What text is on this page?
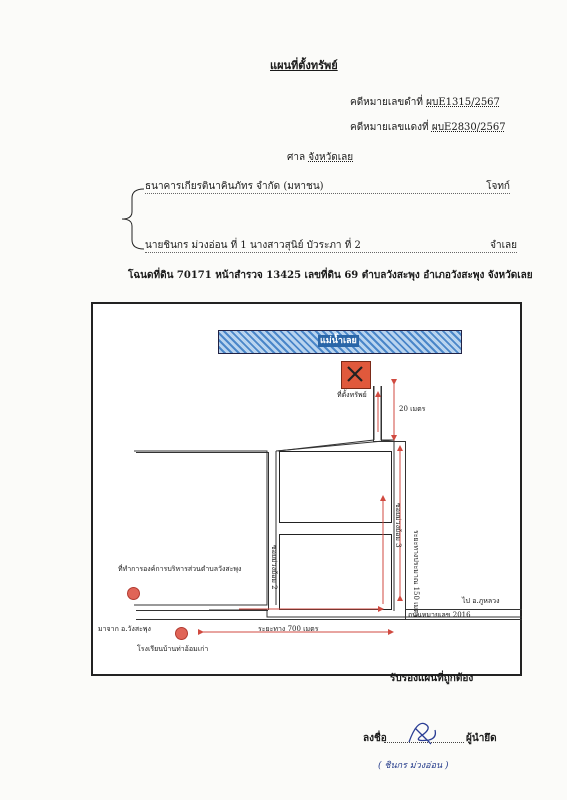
แผนที่ตั้งทรัพย์
คดีหมายเลขดำที่ ผบE1315/2567
คดีหมายเลขแดงที่ ผบE2830/2567
ศาล จังหวัดเลย
ธนาคารเกียรตินาคินภัทร จำกัด (มหาชน)	โจทก์
นายชินกร ม่วงอ่อน ที่ 1 นางสาวสุนิย์ บัวระภา ที่ 2	จำเลย
โฉนดที่ดิน 70171 หน้าสำรวจ 13425 เลขที่ดิน 69 ตำบลวังสะพุง อำเภอวังสะพุง จังหวัดเลย
แม่น้ำเลย
ที่ตั้งทรัพย์
20 เมตร
ระยะทางประมาณ 150 เมตร
ซอยม่วงย้อม 3
ซอยม่วงย้อม 2
ที่ทำการองค์การบริหารส่วนตำบลวังสะพุง
ไป อ.ภูหลวง
ถนนหมายเลข 2016
มาจาก อ.วังสะพุง	ระยะทาง 700 เมตร
โรงเรียนบ้านท่าอ้อมเก่า
รับรองแผนที่ถูกต้อง
ลงชื่อ	ผู้นำยึด
( ชินกร ม่วงอ่อน )
